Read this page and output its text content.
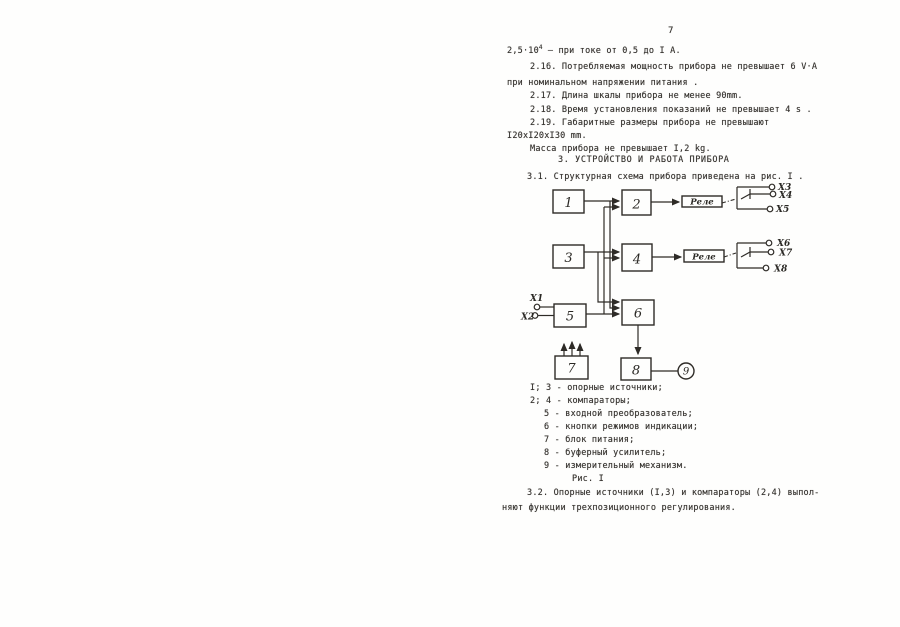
7
$2,5\cdot 10^4$ – при токе от 0,5 до I А.
2.16. Потребляемая мощность прибора не превышает 6 V·А
при номинальном напряжении питания .
2.17. Длина шкалы прибора не менее 90mm.
2.18. Время установления показаний не превышает 4 s .
2.19. Габаритные размеры прибора не превышают
I20xI20xI30 mm.
Масса прибора не превышает I,2 kg.
3. УСТРОЙСТВО И РАБОТА ПРИБОРА
3.1. Структурная схема прибора приведена на рис. I .
1	2
3	4
5	6
7	8	9
Реле
Реле
X3
X4
X5
X6
X7
X8
X1
X2
I; 3 - опорные источники;
2; 4 - компараторы;
5 - входной преобразователь;
6 - кнопки режимов индикации;
7 - блок питания;
8 - буферный усилитель;
9 - измерительный механизм.
Рис. I
3.2. Опорные источники (I,3) и компараторы (2,4) выпол-
няют функции трехпозиционного регулирования.
